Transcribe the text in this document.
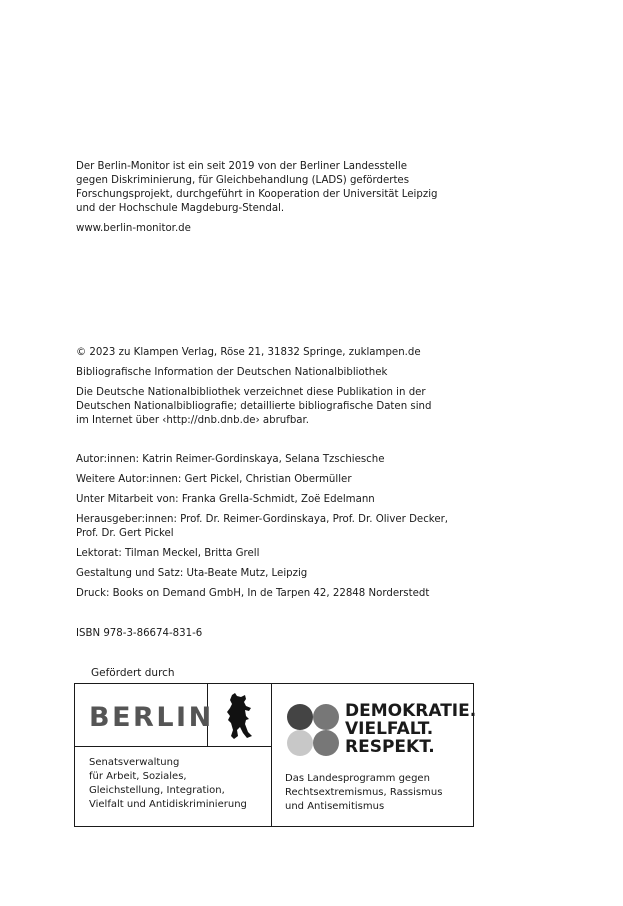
Der Berlin-Monitor ist ein seit 2019 von der Berliner Landesstelle
gegen Diskriminierung, für Gleichbehandlung (LADS) gefördertes
Forschungsprojekt, durchgeführt in Kooperation der Universität Leipzig
und der Hochschule Magdeburg-Stendal.

www.berlin-monitor.de

© 2023 zu Klampen Verlag, Röse 21, 31832 Springe, zuklampen.de

Bibliografische Information der Deutschen Nationalbibliothek

Die Deutsche Nationalbibliothek verzeichnet diese Publikation in der
Deutschen Nationalbibliografie; detaillierte bibliografische Daten sind
im Internet über ‹http://dnb.dnb.de› abrufbar.

Autor:innen: Katrin Reimer-Gordinskaya, Selana Tzschiesche

Weitere Autor:innen: Gert Pickel, Christian Obermüller

Unter Mitarbeit von: Franka Grella-Schmidt, Zoë Edelmann

Herausgeber:innen: Prof. Dr. Reimer-Gordinskaya, Prof. Dr. Oliver Decker,
Prof. Dr. Gert Pickel

Lektorat: Tilman Meckel, Britta Grell

Gestaltung und Satz: Uta-Beate Mutz, Leipzig

Druck: Books on Demand GmbH, In de Tarpen 42, 22848 Norderstedt

ISBN 978-3-86674-831-6

Gefördert durch
BERLIN

Senatsverwaltung
für Arbeit, Soziales,
Gleichstellung, Integration,
Vielfalt und Antidiskriminierung

DEMOKRATIE.
VIELFALT.
RESPEKT.

Das Landesprogramm gegen
Rechtsextremismus, Rassismus
und Antisemitismus
